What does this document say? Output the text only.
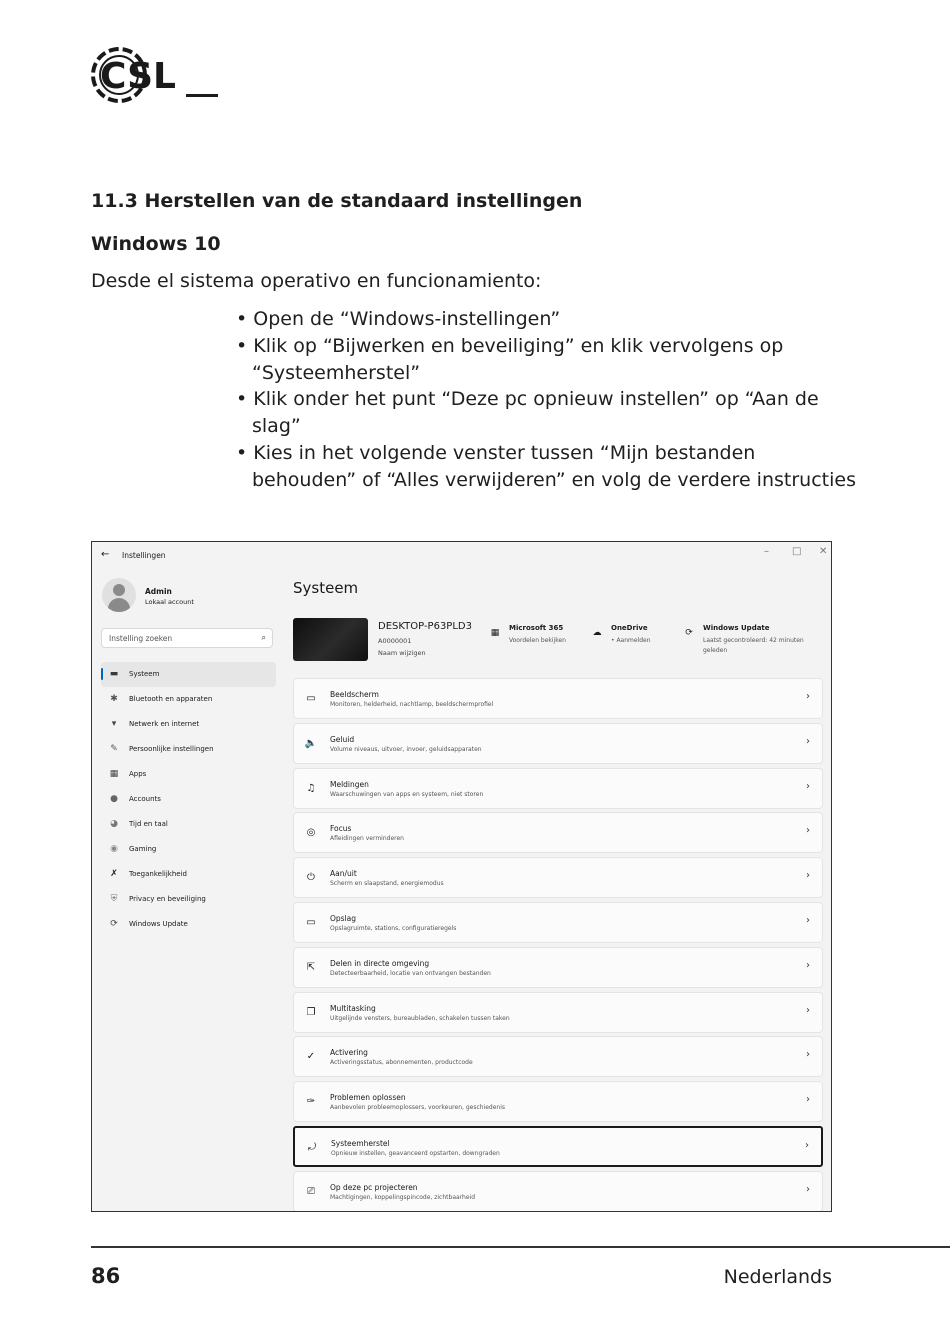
CSL
11.3 Herstellen van de standaard instellingen
Windows 10
Desde el sistema operativo en funcionamiento:
• Open de “Windows-instellingen”
• Klik op “Bijwerken en beveiliging” en klik vervolgens op “Systeemherstel”
• Klik onder het punt “Deze pc opnieuw instellen” op “Aan de slag”
• Kies in het volgende venster tussen “Mijn bestanden behouden” of “Alles verwijderen” en volg de verdere instructies
← Instellingen	– □ ✕
Admin
Lokaal account
Instelling zoeken	⌕
▬ Systeem
✱	Bluetooth en apparaten
▾	Netwerk en internet
✎	Persoonlijke instellingen
▦ Apps
● Accounts
◕ Tijd en taal
◉ Gaming
✗	Toegankelijkheid
⛨	Privacy en beveiliging
⟳	Windows Update
Systeem
DESKTOP-P63PLD3
A0000001
Naam wijzigen
▦ Microsoft 365
Voordelen bekijken
☁ OneDrive
• Aanmelden
⟳	Windows Update
Laatst gecontroleerd: 42 minuten geleden
▭	Beeldscherm
Monitoren, helderheid, nachtlamp, beeldschermprofiel
›
🔈 Geluid
Volume niveaus, uitvoer, invoer, geluidsapparaten
›
♫	Meldingen
Waarschuwingen van apps en systeem, niet storen
›
◎	Focus
Afleidingen verminderen
›
⏻	Aan/uit
Scherm en slaapstand, energiemodus
›
▭	Opslag
Opslagruimte, stations, configuratieregels
›
⇱	Delen in directe omgeving
Detecteerbaarheid, locatie van ontvangen bestanden
›
❐	Multitasking
Uitgelijnde vensters, bureaubladen, schakelen tussen taken
›
✓	Activering
Activeringsstatus, abonnementen, productcode
›
✑	Problemen oplossen
Aanbevolen probleemoplossers, voorkeuren, geschiedenis
›
⤾	Systeemherstel
Opnieuw instellen, geavanceerd opstarten, downgraden
›
⎚	Op deze pc projecteren
Machtigingen, koppelingspincode, zichtbaarheid
›
86	Nederlands
